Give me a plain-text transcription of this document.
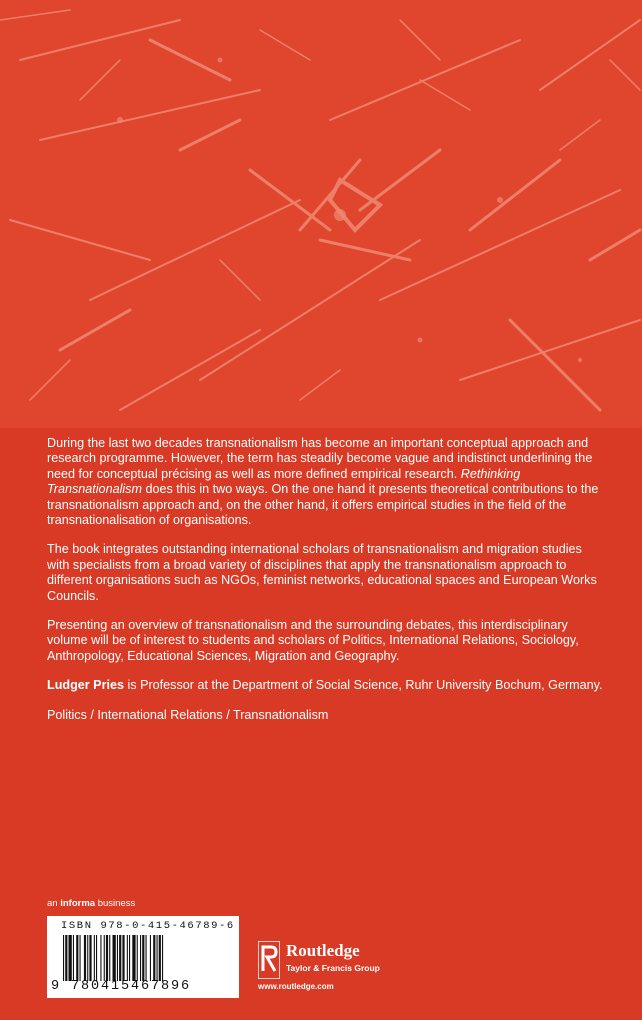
During the last two decades transnationalism has become an important conceptual approach and research programme. However, the term has steadily become vague and indistinct underlining the need for conceptual précising as well as more defined empirical research. Rethinking Transnationalism does this in two ways. On the one hand it presents theoretical contributions to the transnationalism approach and, on the other hand, it offers empirical studies in the field of the transnationalisation of organisations.

The book integrates outstanding international scholars of transnationalism and migration studies with specialists from a broad variety of disciplines that apply the transnationalism approach to different organisations such as NGOs, feminist networks, educational spaces and European Works Councils.

Presenting an overview of transnationalism and the surrounding debates, this interdisciplinary volume will be of interest to students and scholars of Politics, International Relations, Sociology, Anthropology, Educational Sciences, Migration and Geography.

Ludger Pries is Professor at the Department of Social Science, Ruhr University Bochum, Germany.

Politics / International Relations / Transnationalism

an informa business
ISBN 978-0-415-46789-6
9 780415467896
Routledge
Taylor & Francis Group
www.routledge.com
